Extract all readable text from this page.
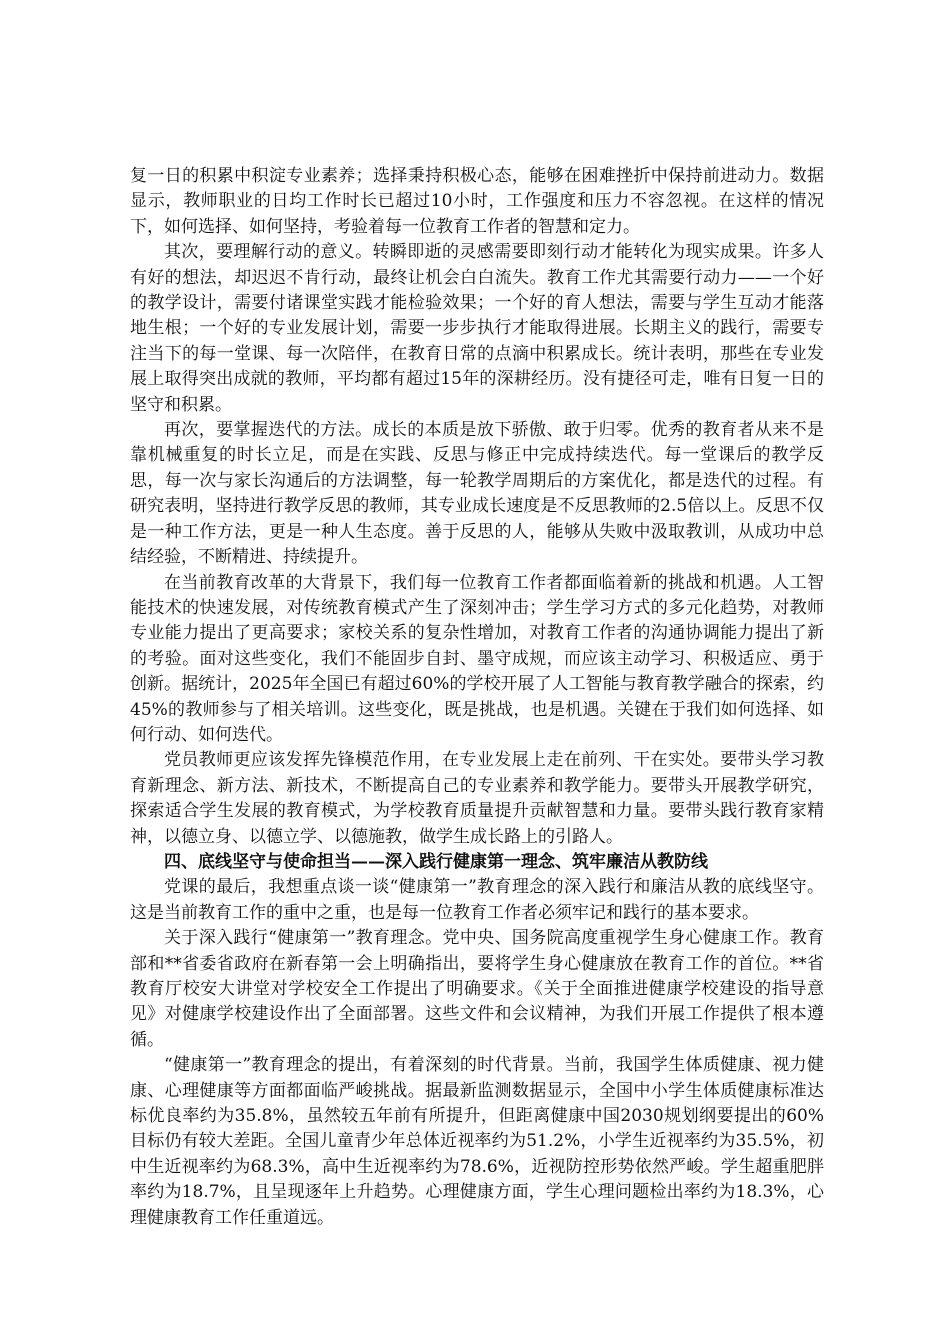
复一日的积累中积淀专业素养；选择秉持积极心态，能够在困难挫折中保持前进动力。数据显示，教师职业的日均工作时长已超过10小时，工作强度和压力不容忽视。在这样的情况下，如何选择、如何坚持，考验着每一位教育工作者的智慧和定力。

其次，要理解行动的意义。转瞬即逝的灵感需要即刻行动才能转化为现实成果。许多人有好的想法，却迟迟不肯行动，最终让机会白白流失。教育工作尤其需要行动力——一个好的教学设计，需要付诸课堂实践才能检验效果；一个好的育人想法，需要与学生互动才能落地生根；一个好的专业发展计划，需要一步步执行才能取得进展。长期主义的践行，需要专注当下的每一堂课、每一次陪伴，在教育日常的点滴中积累成长。统计表明，那些在专业发展上取得突出成就的教师，平均都有超过15年的深耕经历。没有捷径可走，唯有日复一日的坚守和积累。

再次，要掌握迭代的方法。成长的本质是放下骄傲、敢于归零。优秀的教育者从来不是靠机械重复的时长立足，而是在实践、反思与修正中完成持续迭代。每一堂课后的教学反思，每一次与家长沟通后的方法调整，每一轮教学周期后的方案优化，都是迭代的过程。有研究表明，坚持进行教学反思的教师，其专业成长速度是不反思教师的2.5倍以上。反思不仅是一种工作方法，更是一种人生态度。善于反思的人，能够从失败中汲取教训，从成功中总结经验，不断精进、持续提升。

在当前教育改革的大背景下，我们每一位教育工作者都面临着新的挑战和机遇。人工智能技术的快速发展，对传统教育模式产生了深刻冲击；学生学习方式的多元化趋势，对教师专业能力提出了更高要求；家校关系的复杂性增加，对教育工作者的沟通协调能力提出了新的考验。面对这些变化，我们不能固步自封、墨守成规，而应该主动学习、积极适应、勇于创新。据统计，2025年全国已有超过60%的学校开展了人工智能与教育教学融合的探索，约45%的教师参与了相关培训。这些变化，既是挑战，也是机遇。关键在于我们如何选择、如何行动、如何迭代。

党员教师更应该发挥先锋模范作用，在专业发展上走在前列、干在实处。要带头学习教育新理念、新方法、新技术，不断提高自己的专业素养和教学能力。要带头开展教学研究，探索适合学生发展的教育模式，为学校教育质量提升贡献智慧和力量。要带头践行教育家精神，以德立身、以德立学、以德施教，做学生成长路上的引路人。

四、底线坚守与使命担当——深入践行健康第一理念、筑牢廉洁从教防线

党课的最后，我想重点谈一谈“健康第一”教育理念的深入践行和廉洁从教的底线坚守。这是当前教育工作的重中之重，也是每一位教育工作者必须牢记和践行的基本要求。

关于深入践行“健康第一”教育理念。党中央、国务院高度重视学生身心健康工作。教育部和**省委省政府在新春第一会上明确指出，要将学生身心健康放在教育工作的首位。**省教育厅校安大讲堂对学校安全工作提出了明确要求。《关于全面推进健康学校建设的指导意见》对健康学校建设作出了全面部署。这些文件和会议精神，为我们开展工作提供了根本遵循。

“健康第一”教育理念的提出，有着深刻的时代背景。当前，我国学生体质健康、视力健康、心理健康等方面都面临严峻挑战。据最新监测数据显示，全国中小学生体质健康标准达标优良率约为35.8%，虽然较五年前有所提升，但距离健康中国2030规划纲要提出的60%目标仍有较大差距。全国儿童青少年总体近视率约为51.2%，小学生近视率约为35.5%，初中生近视率约为68.3%，高中生近视率约为78.6%，近视防控形势依然严峻。学生超重肥胖率约为18.7%，且呈现逐年上升趋势。心理健康方面，学生心理问题检出率约为18.3%，心理健康教育工作任重道远。
